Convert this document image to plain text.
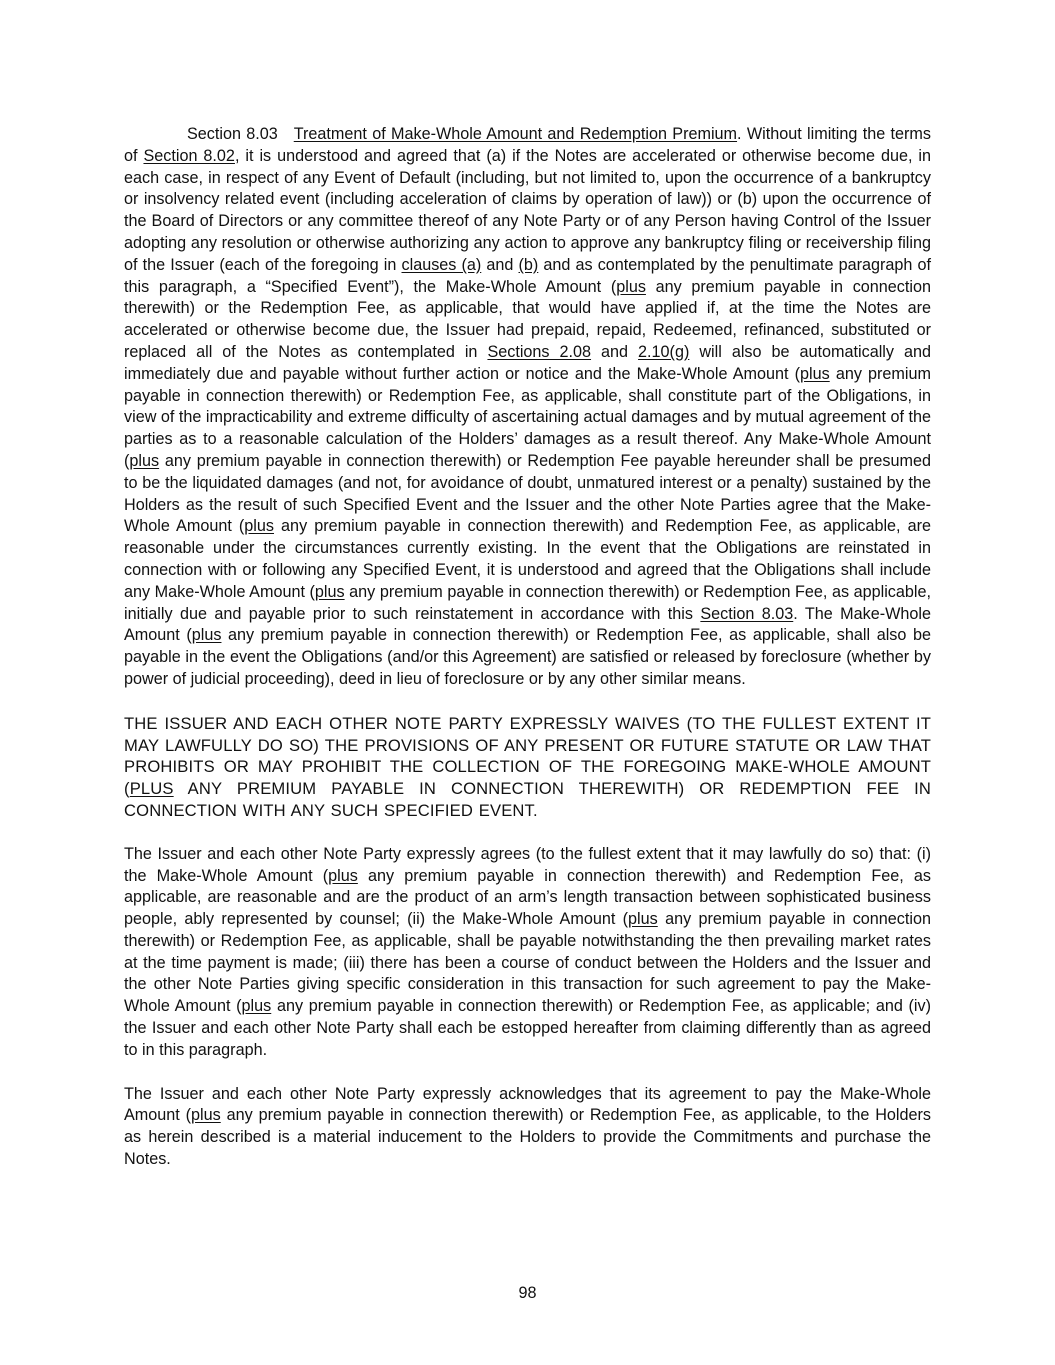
Section 8.03 Treatment of Make-Whole Amount and Redemption Premium. Without limiting the terms of Section 8.02, it is understood and agreed that (a) if the Notes are accelerated or otherwise become due, in each case, in respect of any Event of Default (including, but not limited to, upon the occurrence of a bankruptcy or insolvency related event (including acceleration of claims by operation of law)) or (b) upon the occurrence of the Board of Directors or any committee thereof of any Note Party or of any Person having Control of the Issuer adopting any resolution or otherwise authorizing any action to approve any bankruptcy filing or receivership filing of the Issuer (each of the foregoing in clauses (a) and (b) and as contemplated by the penultimate paragraph of this paragraph, a “Specified Event”), the Make-Whole Amount (plus any premium payable in connection therewith) or the Redemption Fee, as applicable, that would have applied if, at the time the Notes are accelerated or otherwise become due, the Issuer had prepaid, repaid, Redeemed, refinanced, substituted or replaced all of the Notes as contemplated in Sections 2.08 and 2.10(g) will also be automatically and immediately due and payable without further action or notice and the Make-Whole Amount (plus any premium payable in connection therewith) or Redemption Fee, as applicable, shall constitute part of the Obligations, in view of the impracticability and extreme difficulty of ascertaining actual damages and by mutual agreement of the parties as to a reasonable calculation of the Holders’ damages as a result thereof. Any Make-Whole Amount (plus any premium payable in connection therewith) or Redemption Fee payable hereunder shall be presumed to be the liquidated damages (and not, for avoidance of doubt, unmatured interest or a penalty) sustained by the Holders as the result of such Specified Event and the Issuer and the other Note Parties agree that the Make-Whole Amount (plus any premium payable in connection therewith) and Redemption Fee, as applicable, are reasonable under the circumstances currently existing. In the event that the Obligations are reinstated in connection with or following any Specified Event, it is understood and agreed that the Obligations shall include any Make-Whole Amount (plus any premium payable in connection therewith) or Redemption Fee, as applicable, initially due and payable prior to such reinstatement in accordance with this Section 8.03. The Make-Whole Amount (plus any premium payable in connection therewith) or Redemption Fee, as applicable, shall also be payable in the event the Obligations (and/or this Agreement) are satisfied or released by foreclosure (whether by power of judicial proceeding), deed in lieu of foreclosure or by any other similar means.

THE ISSUER AND EACH OTHER NOTE PARTY EXPRESSLY WAIVES (TO THE FULLEST EXTENT IT MAY LAWFULLY DO SO) THE PROVISIONS OF ANY PRESENT OR FUTURE STATUTE OR LAW THAT PROHIBITS OR MAY PROHIBIT THE COLLECTION OF THE FOREGOING MAKE-WHOLE AMOUNT (PLUS ANY PREMIUM PAYABLE IN CONNECTION THEREWITH) OR REDEMPTION FEE IN CONNECTION WITH ANY SUCH SPECIFIED EVENT.

The Issuer and each other Note Party expressly agrees (to the fullest extent that it may lawfully do so) that: (i) the Make-Whole Amount (plus any premium payable in connection therewith) and Redemption Fee, as applicable, are reasonable and are the product of an arm’s length transaction between sophisticated business people, ably represented by counsel; (ii) the Make-Whole Amount (plus any premium payable in connection therewith) or Redemption Fee, as applicable, shall be payable notwithstanding the then prevailing market rates at the time payment is made; (iii) there has been a course of conduct between the Holders and the Issuer and the other Note Parties giving specific consideration in this transaction for such agreement to pay the Make-Whole Amount (plus any premium payable in connection therewith) or Redemption Fee, as applicable; and (iv) the Issuer and each other Note Party shall each be estopped hereafter from claiming differently than as agreed to in this paragraph.

The Issuer and each other Note Party expressly acknowledges that its agreement to pay the Make-Whole Amount (plus any premium payable in connection therewith) or Redemption Fee, as applicable, to the Holders as herein described is a material inducement to the Holders to provide the Commitments and purchase the Notes.

98
